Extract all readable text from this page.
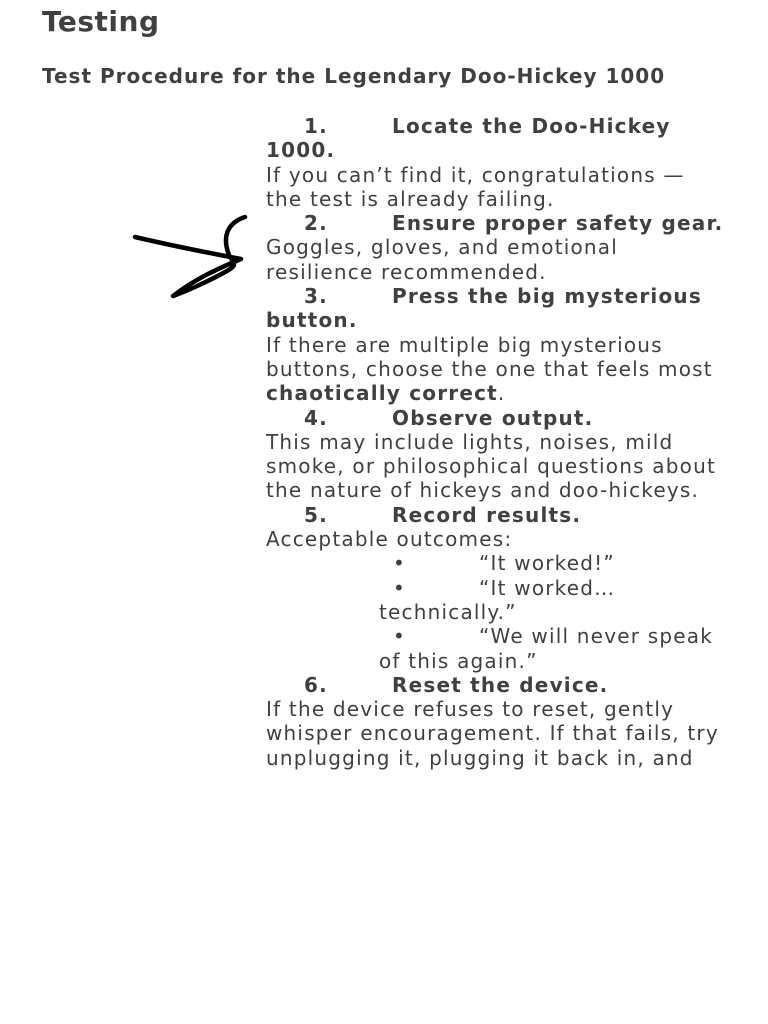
Testing
Test Procedure for the Legendary Doo-Hickey 1000

1.	Locate the Doo-Hickey 1000.

If you can’t find it, congratulations — the test is already failing.

2.	Ensure proper safety gear.

Goggles, gloves, and emotional resilience recommended.

3.	Press the big mysterious button.

If there are multiple big mysterious buttons, choose the one that feels most chaotically correct.

4.	Observe output.

This may include lights, noises, mild smoke, or philosophical questions about the nature of hickeys and doo-hickeys.

5.	Record results.

Acceptable outcomes:

•	“It worked!”
•	“It worked… technically.”
•	“We will never speak of this again.”

6.	Reset the device.

If the device refuses to reset, gently whisper encouragement. If that fails, try unplugging it, plugging it back in, and
